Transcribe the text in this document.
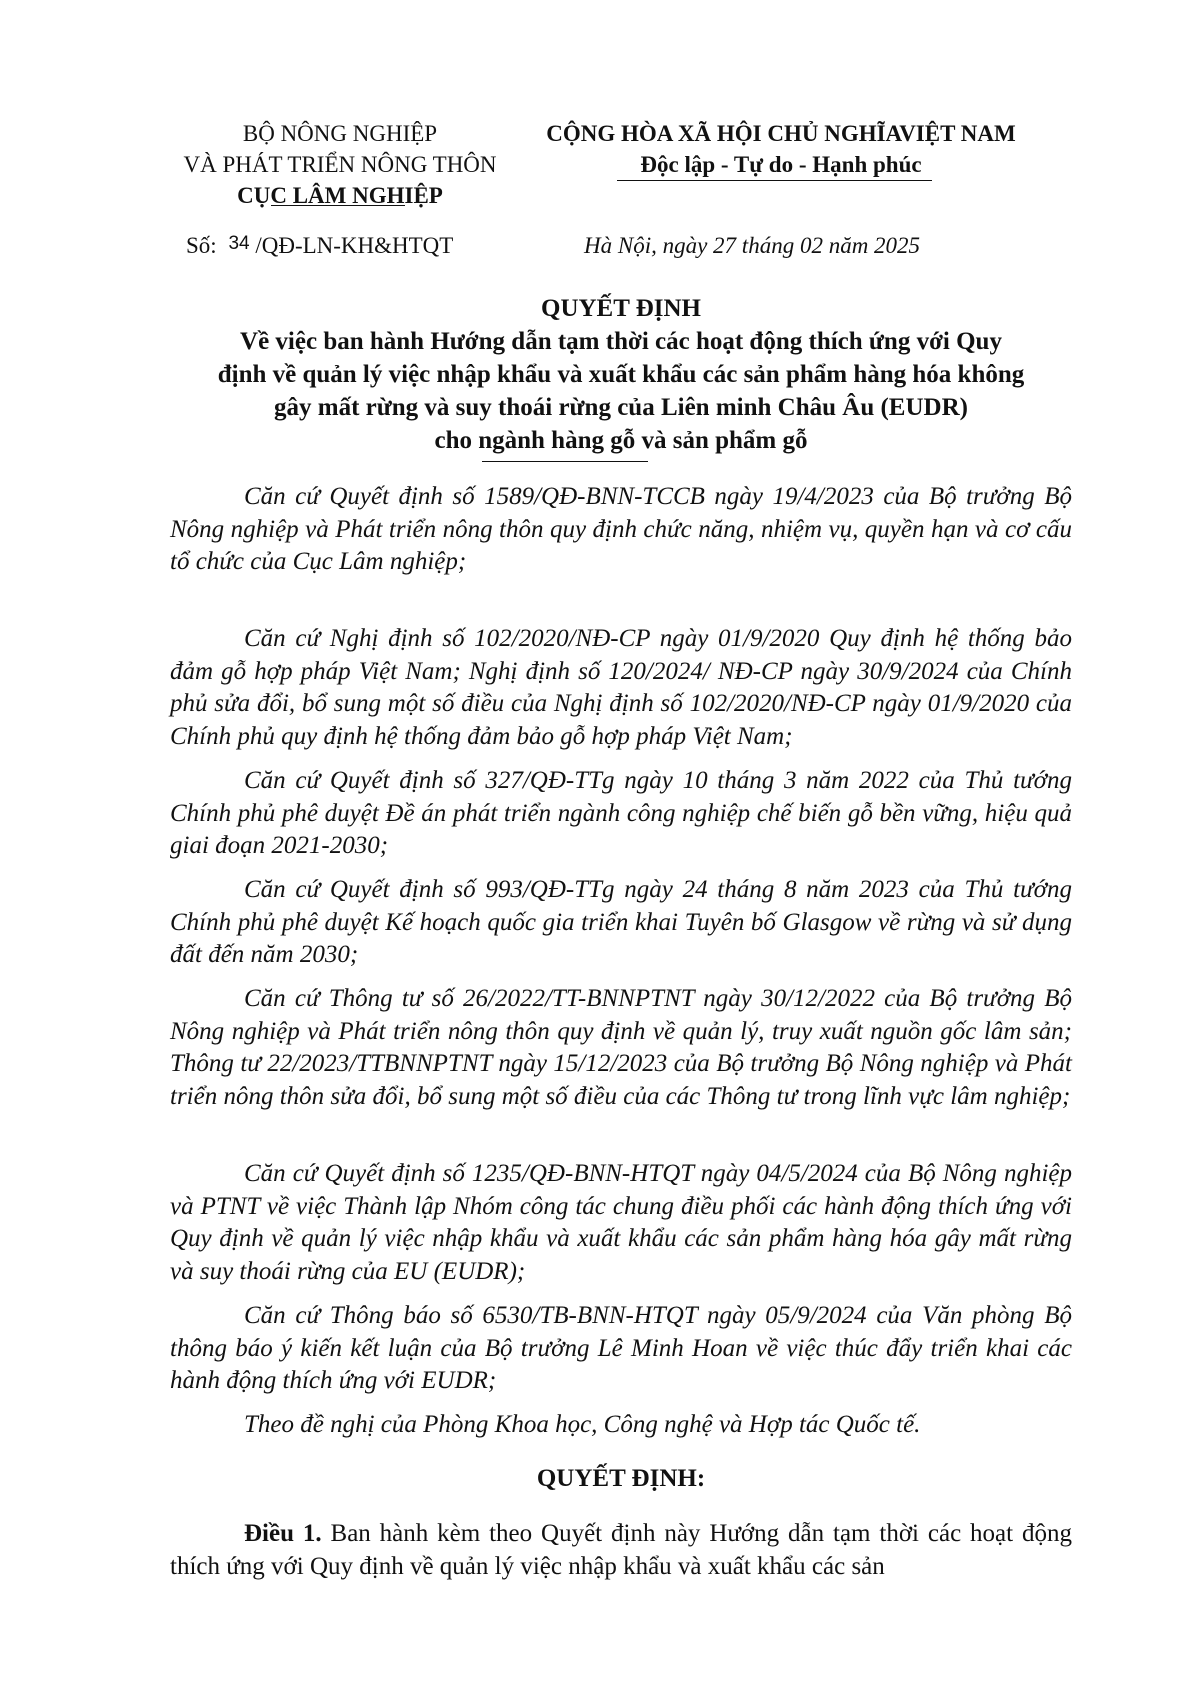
BỘ NÔNG NGHIỆP
VÀ PHÁT TRIỂN NÔNG THÔN
CỤC LÂM NGHIỆP
CỘNG HÒA XÃ HỘI CHỦ NGHĨAVIỆT NAM
Độc lập - Tự do - Hạnh phúc
Số: 34 /QĐ-LN-KH&HTQT	Hà Nội, ngày 27 tháng 02 năm 2025
QUYẾT ĐỊNH
Về việc ban hành Hướng dẫn tạm thời các hoạt động thích ứng với Quy
định về quản lý việc nhập khẩu và xuất khẩu các sản phẩm hàng hóa không
gây mất rừng và suy thoái rừng của Liên minh Châu Âu (EUDR)
cho ngành hàng gỗ và sản phẩm gỗ

Căn cứ Quyết định số 1589/QĐ-BNN-TCCB ngày 19/4/2023 của Bộ trưởng Bộ Nông nghiệp và Phát triển nông thôn quy định chức năng, nhiệm vụ, quyền hạn và cơ cấu tổ chức của Cục Lâm nghiệp;

Căn cứ Nghị định số 102/2020/NĐ-CP ngày 01/9/2020 Quy định hệ thống bảo đảm gỗ hợp pháp Việt Nam; Nghị định số 120/2024/ NĐ-CP ngày 30/9/2024 của Chính phủ sửa đổi, bổ sung một số điều của Nghị định số 102/2020/NĐ-CP ngày 01/9/2020 của Chính phủ quy định hệ thống đảm bảo gỗ hợp pháp Việt Nam;

Căn cứ Quyết định số 327/QĐ-TTg ngày 10 tháng 3 năm 2022 của Thủ tướng Chính phủ phê duyệt Đề án phát triển ngành công nghiệp chế biến gỗ bền vững, hiệu quả giai đoạn 2021-2030;

Căn cứ Quyết định số 993/QĐ-TTg ngày 24 tháng 8 năm 2023 của Thủ tướng Chính phủ phê duyệt Kế hoạch quốc gia triển khai Tuyên bố Glasgow về rừng và sử dụng đất đến năm 2030;

Căn cứ Thông tư số 26/2022/TT-BNNPTNT ngày 30/12/2022 của Bộ trưởng Bộ Nông nghiệp và Phát triển nông thôn quy định về quản lý, truy xuất nguồn gốc lâm sản; Thông tư 22/2023/TTBNNPTNT ngày 15/12/2023 của Bộ trưởng Bộ Nông nghiệp và Phát triển nông thôn sửa đổi, bổ sung một số điều của các Thông tư trong lĩnh vực lâm nghiệp;

Căn cứ Quyết định số 1235/QĐ-BNN-HTQT ngày 04/5/2024 của Bộ Nông nghiệp và PTNT về việc Thành lập Nhóm công tác chung điều phối các hành động thích ứng với Quy định về quản lý việc nhập khẩu và xuất khẩu các sản phẩm hàng hóa gây mất rừng và suy thoái rừng của EU (EUDR);

Căn cứ Thông báo số 6530/TB-BNN-HTQT ngày 05/9/2024 của Văn phòng Bộ thông báo ý kiến kết luận của Bộ trưởng Lê Minh Hoan về việc thúc đẩy triển khai các hành động thích ứng với EUDR;

Theo đề nghị của Phòng Khoa học, Công nghệ và Hợp tác Quốc tế.

QUYẾT ĐỊNH:

Điều 1. Ban hành kèm theo Quyết định này Hướng dẫn tạm thời các hoạt động thích ứng với Quy định về quản lý việc nhập khẩu và xuất khẩu các sản
